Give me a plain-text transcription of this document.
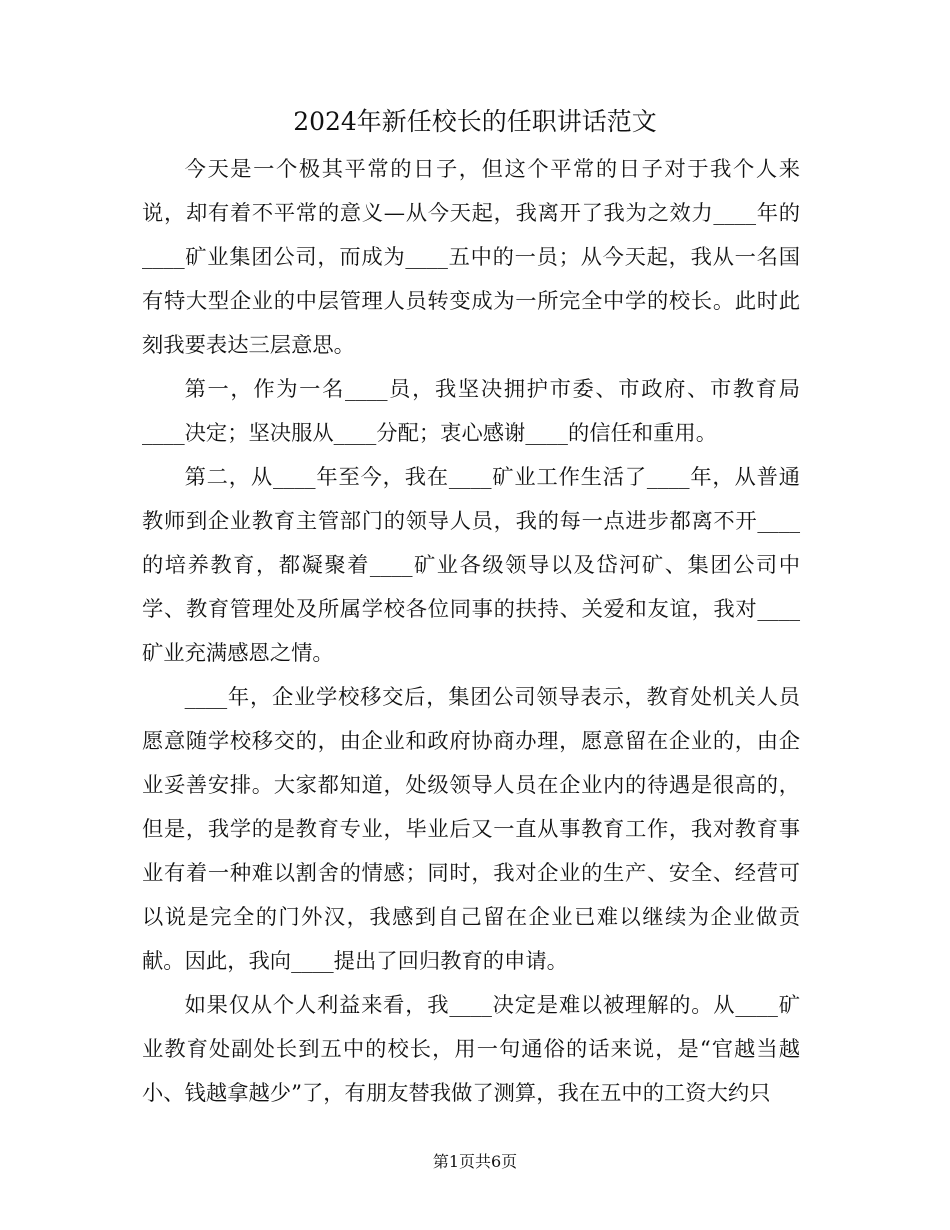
2024年新任校长的任职讲话范文

今天是一个极其平常的日子，但这个平常的日子对于我个人来说，却有着不平常的意义—从今天起，我离开了我为之效力____年的____矿业集团公司，而成为____五中的一员；从今天起，我从一名国有特大型企业的中层管理人员转变成为一所完全中学的校长。此时此刻我要表达三层意思。

第一，作为一名____员，我坚决拥护市委、市政府、市教育局____决定；坚决服从____分配；衷心感谢____的信任和重用。

第二，从____年至今，我在____矿业工作生活了____年，从普通教师到企业教育主管部门的领导人员，我的每一点进步都离不开____的培养教育，都凝聚着____矿业各级领导以及岱河矿、集团公司中学、教育管理处及所属学校各位同事的扶持、关爱和友谊，我对____矿业充满感恩之情。

____年，企业学校移交后，集团公司领导表示，教育处机关人员愿意随学校移交的，由企业和政府协商办理，愿意留在企业的，由企业妥善安排。大家都知道，处级领导人员在企业内的待遇是很高的，但是，我学的是教育专业，毕业后又一直从事教育工作，我对教育事业有着一种难以割舍的情感；同时，我对企业的生产、安全、经营可以说是完全的门外汉，我感到自己留在企业已难以继续为企业做贡献。因此，我向____提出了回归教育的申请。

如果仅从个人利益来看，我____决定是难以被理解的。从____矿业教育处副处长到五中的校长，用一句通俗的话来说，是“官越当越小、钱越拿越少”了，有朋友替我做了测算，我在五中的工资大约只

第1页共6页
